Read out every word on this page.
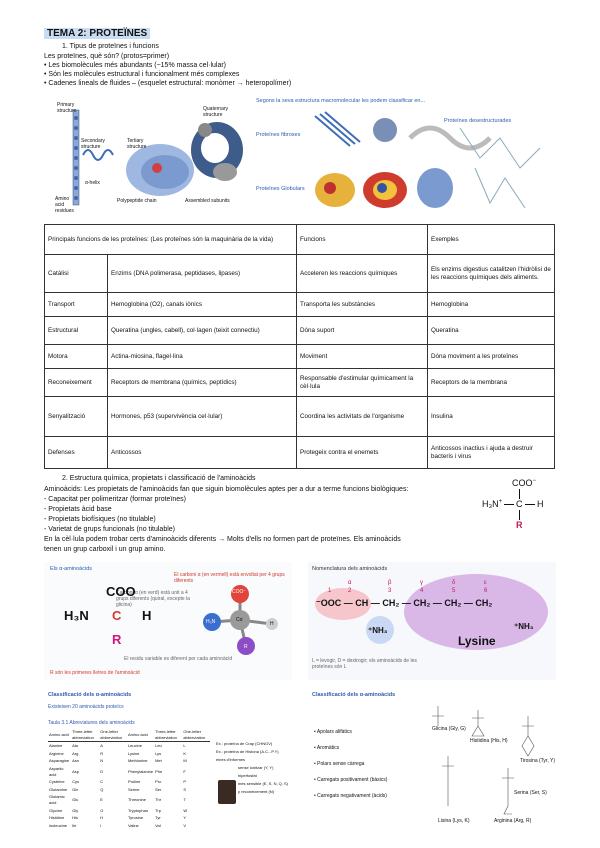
TEMA 2: PROTEÏNES
1. Tipus de proteïnes i funcions
Les proteïnes, què són? (protos=primer)
• Les biomolècules més abundants (~15% massa cel·lular)
• Són les molècules estructural i funcionalment més complexes
• Cadenes lineals de fluides – (esquelet estructural: monòmer → heteropolímer)
Primary structure
Secondary structure
Tertiary structure
Quaternary structure
α-helix
Amino acid residues
Polypeptide chain	Assembled subunits
Segons la seva estructura macromolecular les podem classificar en...
Proteïnes fibroses
Proteïnes Globulars
Proteïnes desestructurades
Principals funcions de les proteïnes: (Les proteïnes són la maquinària de la vida)		Funcions	Exemples
Catàlisi	Enzims (DNA polimerasa, peptidases, lipases)	Acceleren les reaccions químiques	Els enzims digestius catalitzen l'hidròlisi de les reaccions químiques dels aliments.
Transport	Hemoglobina (O2), canals iònics	Transporta les substàncies	Hemoglobina
Estructural	Queratina (ungles, cabell), col·lagen (teixit connectiu)	Dóna suport	Queratina
Motora	Actina-miosina, flagel·lina	Moviment	Dóna moviment a les proteïnes
Reconeixement	Receptors de membrana (químics, peptídics)	Responsable d'estimular químicament la cèl·lula	Receptors de la membrana
Senyalització	Hormones, p53 (supervivència cel·lular)	Coordina les activitats de l'organisme	Insulina
Defenses	Anticossos	Protegeix contra el enemets	Anticossos inactius i ajuda a destruir bacteris i virus
2. Estructura química, propietats i classificació de l'aminoàcids
Aminoàcids: Les propietats de l'aminoàcids fan que siguin biomolècules aptes per a dur a terme funcions biològiques:
- Capacitat per polimeritzar (formar proteïnes)
- Propietats àcid base
- Propietats biofísiques (no titulable)
- Varietat de grups funcionals (no titulable)
En la cèl·lula podem trobar certs d'aminoàcids diferents → Molts d'ells no formen part de proteïnes. Els aminoàcids
tenen un grup carboxil i un grup amino.
COO−
H₃N+ C H
R
Els α-aminoàcids
El carboni α (en vermell) està envoltat per 4 grups diferents
Carboni α (en verd) està unit a 4 grups diferents (quiral, excepte la glicina)
COO
H₃N C H
R
COO⁻
H₃N	Cα
H
R
El residu variable es diferent per cada aminoàcid
R són les primeres lletres de l'aminoàcid
Nomenclatura dels aminoàcids
α	β	γ	δ	ε
1	2	3	4	5	6
⁻OOC — CH — CH₂ — CH₂ — CH₂ — CH₂
⁺NH₃	⁺NH₃
Lysine
L = levogir, D = dextrogir; els aminoàcids de les proteïnes són L
Classificació dels α-aminoàcids
Existeixen 20 aminoàcids proteïcs
Taula 3.1 Abreviatures dels aminoàcids
Amino acid	Three-letter abbreviation	One-letter abbreviation	Amino acid	Three-letter abbreviation	One-letter abbreviation
Alanine	Ala	A	Leucine	Leu	L
Arginine	Arg	R	Lysine	Lys	K
Asparagine	Asn	N	Methionine	Met	M
Aspartic acid	Asp	D	Phenylalanine	Phe	F
Cysteine	Cys	C	Proline	Pro	P
Glutamine	Gln	Q	Serine	Ser	S
Glutamic acid	Glu	E	Threonine	Thr	T
Glycine	Gly	G	Tryptophan	Trp	W
Histidine	His	H	Tyrosine	Tyr	Y
Isoleucine	Ile	I	Valine	Val	V
Ex.: proteïna de Crap (CHNGV)
Ex.: proteïna de Histona (A.C...P.Y)
eines d'informes
sense ionitzar (Y, Y)
hiperfosfat
més sensible (E, S, N, Q, S)
y reconeixement (N)
Classificació dels α-aminoàcids
• Apolars alifàtics
• Aromàtics
• Polars sense càrrega
• Carregats positivament (bàsics)
• Carregats negativament (àcids)
Glicina (Gly, G)
Histidina (His, H)
Tirosina (Tyr, Y)
Lisina (Lys, K)	Arginina (Arg, R)
Serina (Ser, S)
